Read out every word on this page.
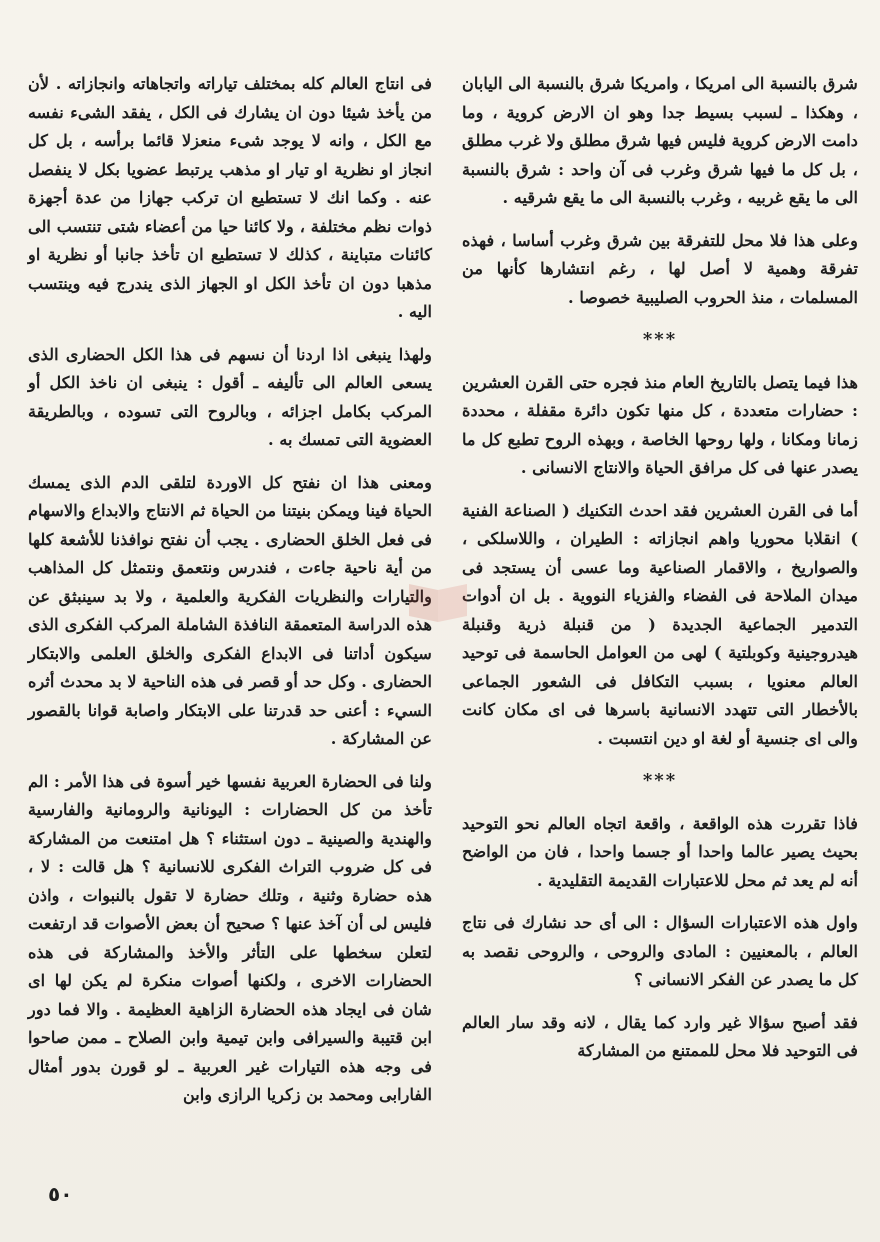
شرق بالنسبة الى امريكا ، وامريكا شرق بالنسبة الى اليابان ، وهكذا ـ لسبب بسيط جدا وهو ان الارض كروية ، وما دامت الارض كروية فليس فيها شرق مطلق ولا غرب مطلق ، بل كل ما فيها شرق وغرب فى آن واحد : شرق بالنسبة الى ما يقع غربيه ، وغرب بالنسبة الى ما يقع شرقيه .

وعلى هذا فلا محل للتفرقة بين شرق وغرب أساسا ، فهذه تفرقة وهمية لا أصل لها ، رغم انتشارها كأنها من المسلمات ، منذ الحروب الصليبية خصوصا .

***

هذا فيما يتصل بالتاريخ العام منذ فجره حتى القرن العشرين : حضارات متعددة ، كل منها تكون دائرة مقفلة ، محددة زمانا ومكانا ، ولها روحها الخاصة ، وبهذه الروح تطبع كل ما يصدر عنها فى كل مرافق الحياة والانتاج الانسانى .

أما فى القرن العشرين فقد احدث التكنيك ( الصناعة الفنية ) انقلابا محوريا واهم انجازاته : الطيران ، واللاسلكى ، والصواريخ ، والاقمار الصناعية وما عسى أن يستجد فى ميدان الملاحة فى الفضاء والفزياء النووية . بل ان أدوات التدمير الجماعية الجديدة ( من قنبلة ذرية وقنبلة هيدروجينية وكوبلتية ) لهى من العوامل الحاسمة فى توحيد العالم معنويا ، بسبب التكافل فى الشعور الجماعى بالأخطار التى تتهدد الانسانية باسرها فى اى مكان كانت والى اى جنسية أو لغة او دين انتسبت .

***

فاذا تقررت هذه الواقعة ، واقعة اتجاه العالم نحو التوحيد بحيث يصير عالما واحدا أو جسما واحدا ، فان من الواضح أنه لم يعد ثم محل للاعتبارات القديمة التقليدية .

واول هذه الاعتبارات السؤال : الى أى حد نشارك فى نتاج العالم ، بالمعنيين : المادى والروحى ، والروحى نقصد به كل ما يصدر عن الفكر الانسانى ؟

فقد أصبح سؤالا غير وارد كما يقال ، لانه وقد سار العالم فى التوحيد فلا محل للممتنع من المشاركة

فى انتاج العالم كله بمختلف تياراته واتجاهاته وانجازاته . لأن من يأخذ شيئا دون ان يشارك فى الكل ، يفقد الشىء نفسه مع الكل ، وانه لا يوجد شىء منعزلا قائما برأسه ، بل كل انجاز او نظرية او تيار او مذهب يرتبط عضويا بكل لا ينفصل عنه . وكما انك لا تستطيع ان تركب جهازا من عدة أجهزة ذوات نظم مختلفة ، ولا كائنا حيا من أعضاء شتى تنتسب الى كائنات متباينة ، كذلك لا تستطيع ان تأخذ جانبا أو نظرية او مذهبا دون ان تأخذ الكل او الجهاز الذى يندرج فيه وينتسب اليه .

ولهذا ينبغى اذا اردنا أن نسهم فى هذا الكل الحضارى الذى يسعى العالم الى تأليفه ـ أقول : ينبغى ان ناخذ الكل أو المركب بكامل اجزائه ، وبالروح التى تسوده ، وبالطريقة العضوية التى تمسك به .

ومعنى هذا ان نفتح كل الاوردة لتلقى الدم الذى يمسك الحياة فينا ويمكن بنيتنا من الحياة ثم الانتاج والابداع والاسهام فى فعل الخلق الحضارى . يجب أن نفتح نوافذنا للأشعة كلها من أية ناحية جاءت ، فندرس ونتعمق ونتمثل كل المذاهب والتيارات والنظريات الفكرية والعلمية ، ولا بد سينبثق عن هذه الدراسة المتعمقة النافذة الشاملة المركب الفكرى الذى سيكون أداتنا فى الابداع الفكرى والخلق العلمى والابتكار الحضارى . وكل حد أو قصر فى هذه الناحية لا بد محدث أثره السيء : أعنى حد قدرتنا على الابتكار واصابة قوانا بالقصور عن المشاركة .

ولنا فى الحضارة العربية نفسها خير أسوة فى هذا الأمر : الم تأخذ من كل الحضارات : اليونانية والرومانية والفارسية والهندية والصينية ـ دون استثناء ؟ هل امتنعت من المشاركة فى كل ضروب التراث الفكرى للانسانية ؟ هل قالت : لا ، هذه حضارة وثنية ، وتلك حضارة لا تقول بالنبوات ، واذن فليس لى أن آخذ عنها ؟ صحيح أن بعض الأصوات قد ارتفعت لتعلن سخطها على التأثر والأخذ والمشاركة فى هذه الحضارات الاخرى ، ولكنها أصوات منكرة لم يكن لها اى شان فى ايجاد هذه الحضارة الزاهية العظيمة . والا فما دور ابن قتيبة والسيرافى وابن تيمية وابن الصلاح ـ ممن صاحوا فى وجه هذه التيارات غير العربية ـ لو قورن بدور أمثال الفارابى ومحمد بن زكريا الرازى وابن

٥٠
